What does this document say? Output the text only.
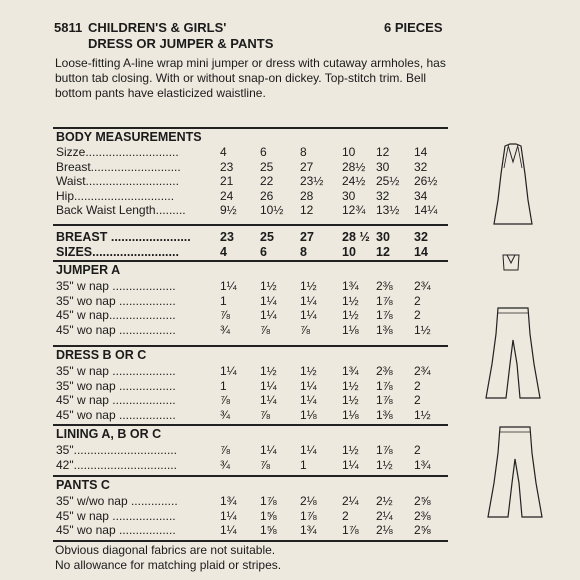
5811 CHILDREN'S & GIRLS'
DRESS OR JUMPER & PANTS
6 PIECES
Loose-fitting A-line wrap mini jumper or dress with cutaway armholes, has button tab closing. With or without snap-on dickey. Top-stitch trim. Bell bottom pants have elasticized waistline.
BODY MEASUREMENTS
Sizze............................	4	6	8	10	12	14
Breast...........................	23	25	27	28½ 30	32
Waist............................	21	22	23½	24½ 25½	26½
Hip..............................	24	26	28	30	32	34
Back Waist Length.........	9½	10½	12	12¾ 13½	14¼
BREAST ....................... 23	25	27	28 ½ 30	32
SIZES.........................	4	6	8	10	12	14
JUMPER A
35" w nap ...................	1¼	1½	1½	1¾	2⅜	2¾
35" wo nap .................	1	1¼	1¼	1½	1⅞	2
45" w nap....................	⅞	1¼	1¼	1½	1⅞	2
45" wo nap .................	¾	⅞	⅞	1⅛	1⅜	1½
DRESS B OR C
35" w nap ...................	1¼	1½	1½	1¾	2⅜	2¾
35" wo nap .................	1	1¼	1¼	1½	1⅞	2
45" w nap ...................	⅞	1¼	1¼	1½	1⅞	2
45" wo nap .................	¾	⅞	1⅛	1⅛	1⅜	1½
LINING A, B OR C
35"...............................	⅞	1¼	1¼	1½	1⅞	2
42"...............................	¾	⅞	1	1¼	1½	1¾
PANTS C
35" w/wo nap ..............	1¾	1⅞	2⅛	2¼	2½	2⅝
45" w nap ...................	1¼	1⅝	1⅞	2	2¼	2⅜
45" wo nap .................	1¼	1⅝	1¾	1⅞	2⅛	2⅝
Obvious diagonal fabrics are not suitable.
No allowance for matching plaid or stripes.
